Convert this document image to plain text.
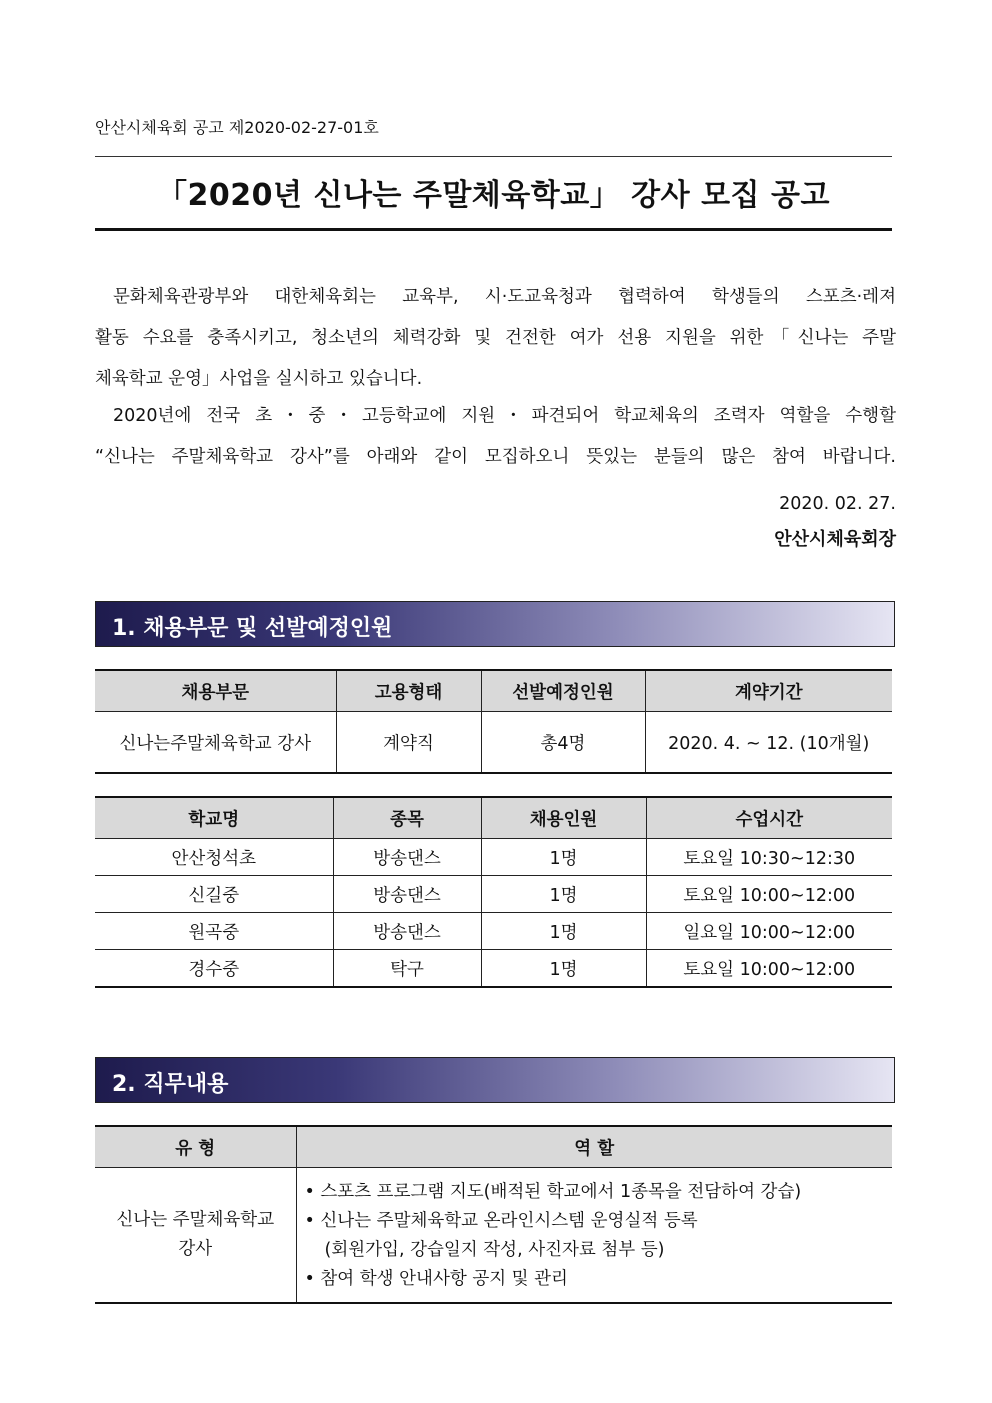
안산시체육회 공고 제2020-02-27-01호
「2020년 신나는 주말체육학교」 강사 모집 공고
문화체육관광부와 대한체육회는 교육부, 시·도교육청과 협력하여 학생들의 스포츠·레져
활동 수요를 충족시키고, 청소년의 체력강화 및 건전한 여가 선용 지원을 위한「신나는 주말
체육학교 운영」사업을 실시하고 있습니다.
2020년에 전국 초・중・고등학교에 지원・파견되어 학교체육의 조력자 역할을 수행할
“신나는 주말체육학교 강사”를 아래와 같이 모집하오니 뜻있는 분들의 많은 참여 바랍니다.
2020. 02. 27.
안산시체육회장
1. 채용부문 및 선발예정인원
채용부문	고용형태	선발예정인원	계약기간
신나는주말체육학교 강사	계약직	총4명	2020. 4. ~ 12. (10개월)
학교명	종목	채용인원	수업시간
안산청석초	방송댄스	1명	토요일 10:30~12:30
신길중	방송댄스	1명	토요일 10:00~12:00
원곡중	방송댄스	1명	일요일 10:00~12:00
경수중	탁구	1명	토요일 10:00~12:00
2. 직무내용
유 형	역 할

신나는 주말체육학교
강사	• 스포츠 프로그램 지도(배적된 학교에서 1종목을 전담하여 강습)
• 신나는 주말체육학교 온라인시스템 운영실적 등록
(회원가입, 강습일지 작성, 사진자료 첨부 등)
• 참여 학생 안내사항 공지 및 관리
